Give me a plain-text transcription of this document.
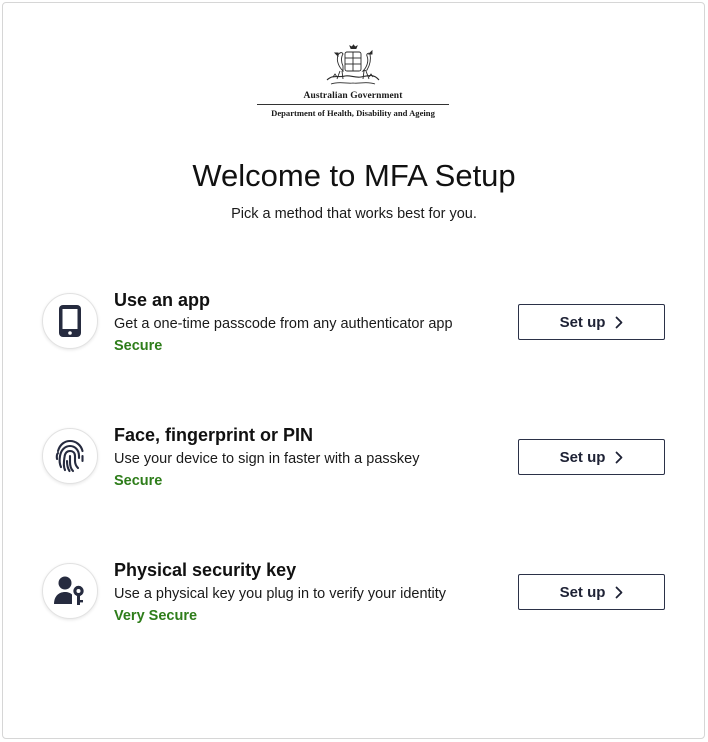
Australian Government
Department of Health, Disability and Ageing
Welcome to MFA Setup

Pick a method that works best for you.

Use an app
Get a one-time passcode from any authenticator app
Secure
Set up
Face, fingerprint or PIN
Use your device to sign in faster with a passkey
Secure
Set up
Physical security key
Use a physical key you plug in to verify your identity
Very Secure
Set up
